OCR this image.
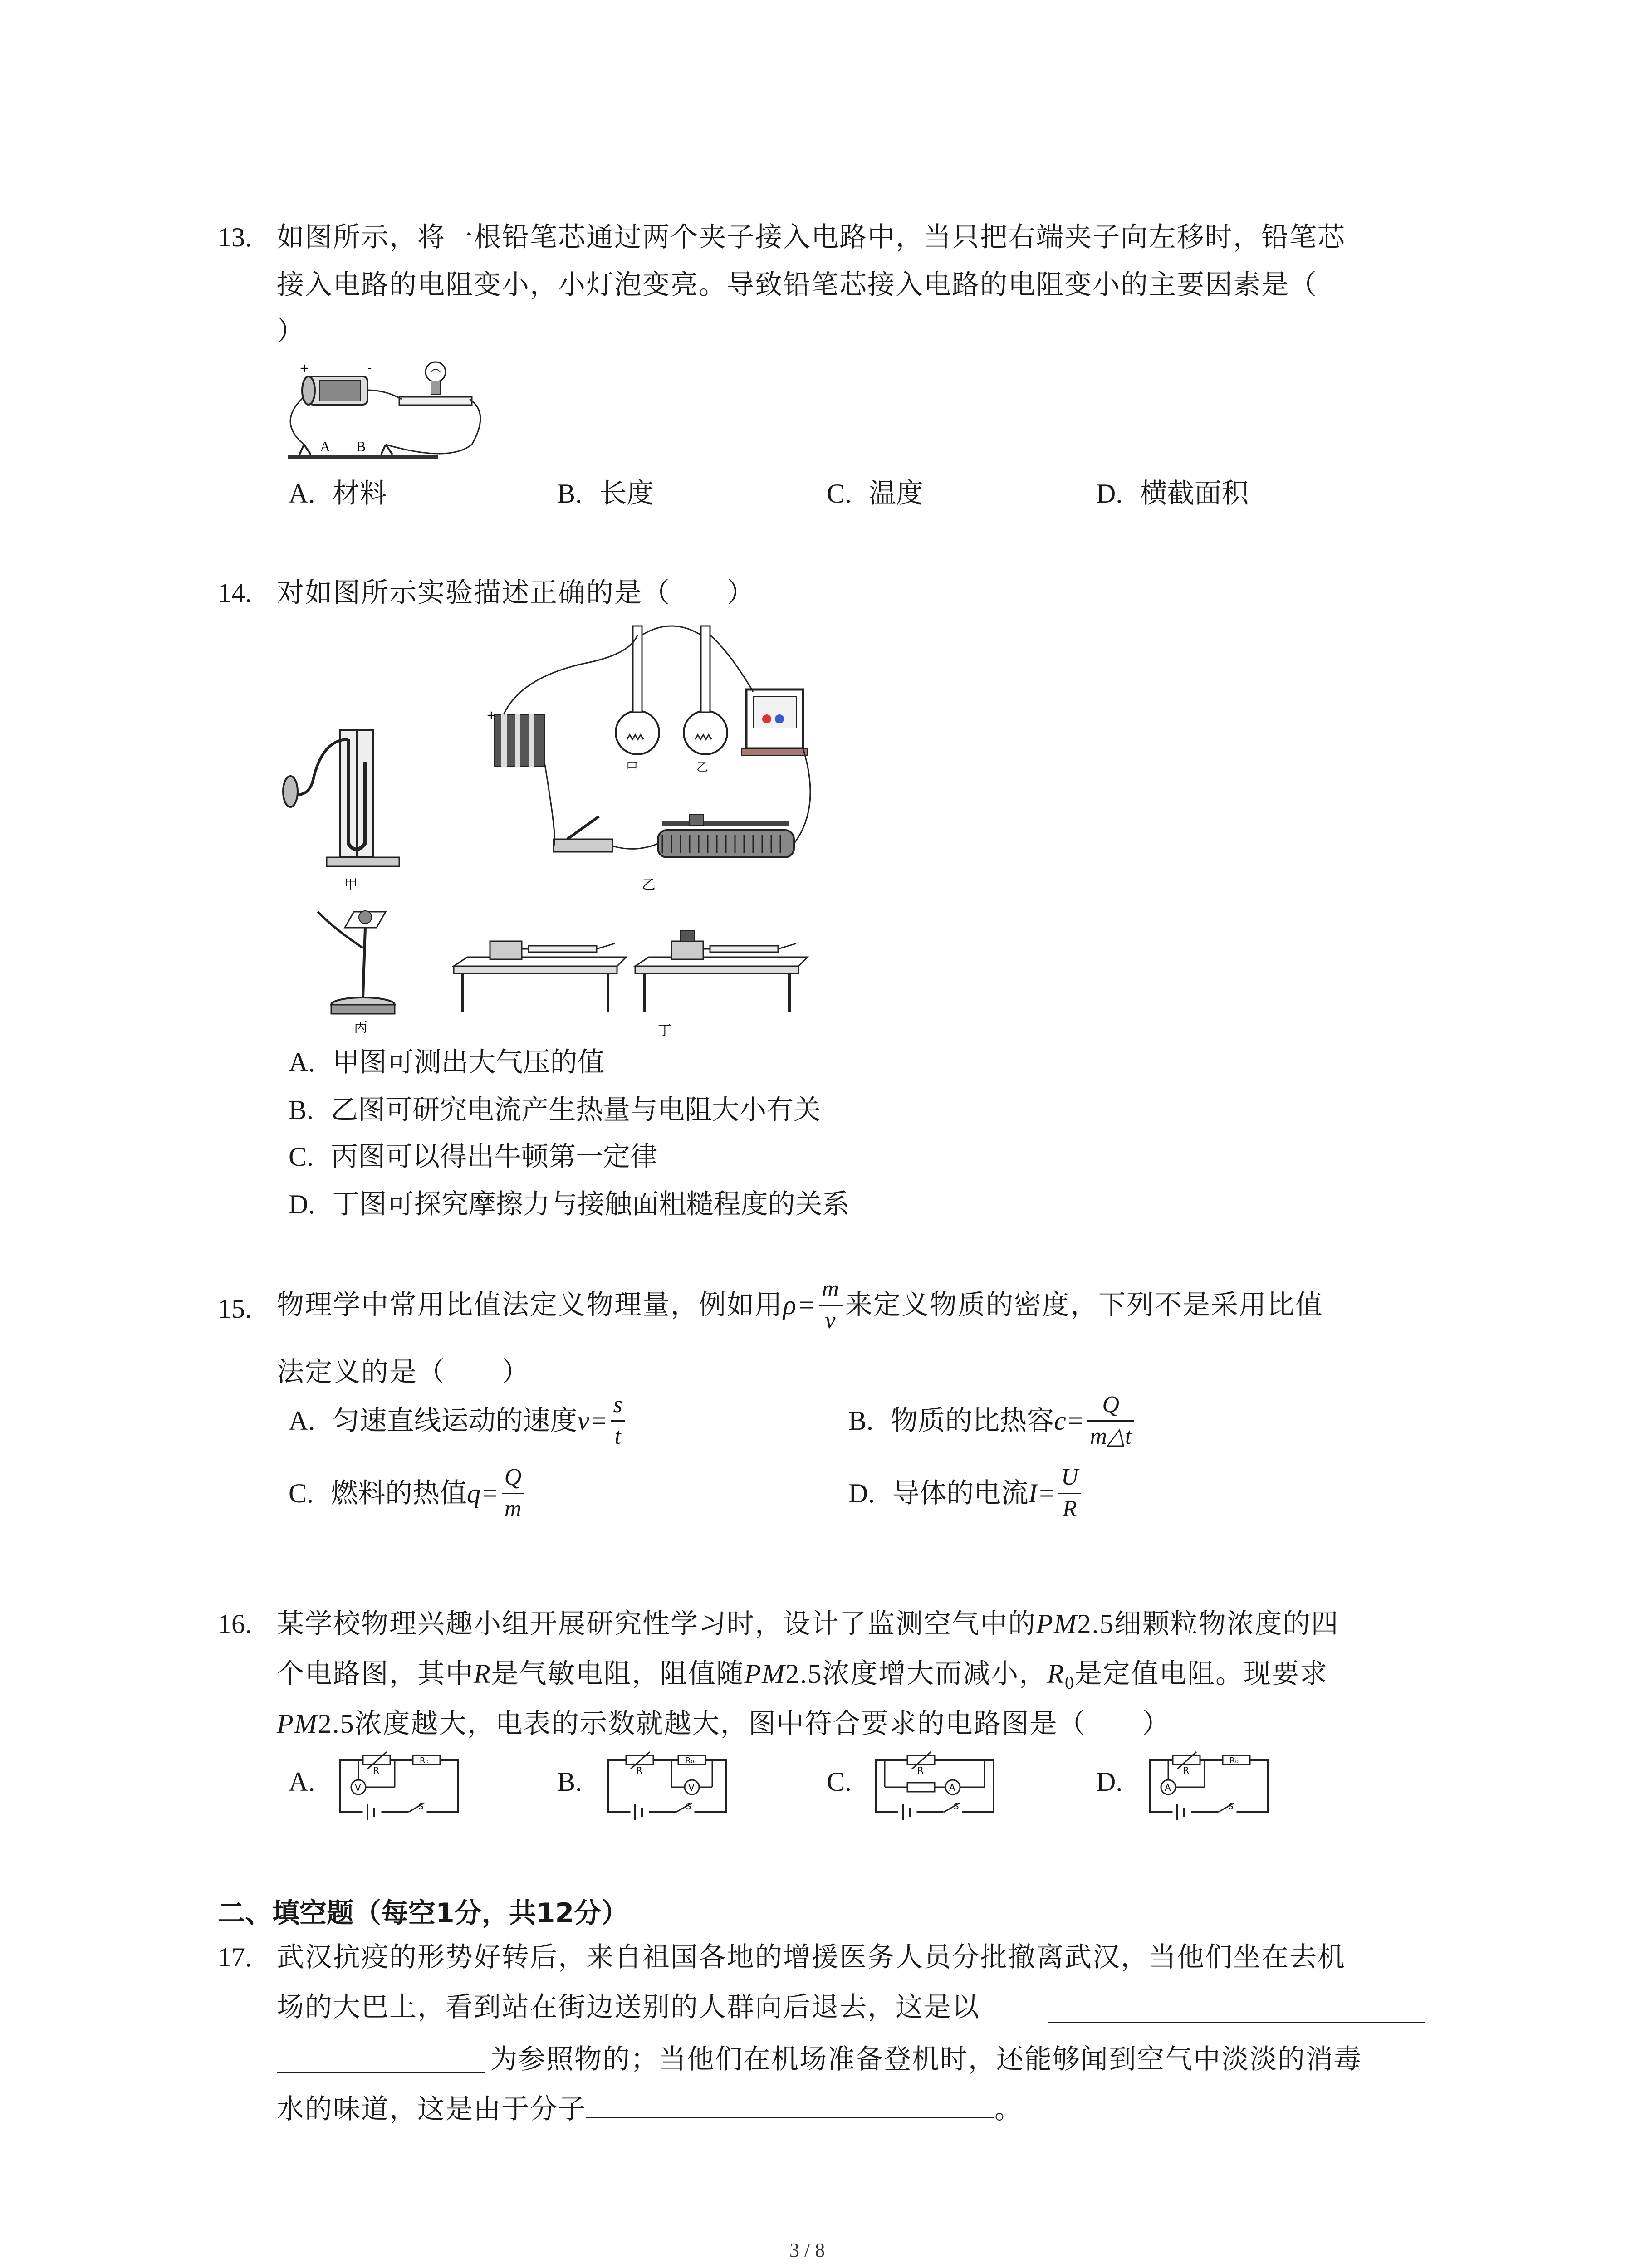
13. 如图所示，将一根铅笔芯通过两个夹子接入电路中，当只把右端夹子向左移时，铅笔芯
接入电路的电阻变小，小灯泡变亮。导致铅笔芯接入电路的电阻变小的主要因素是（
）
+	-
A B
A. 材料	B. 长度	C. 温度	D. 横截面积
14. 对如图所示实验描述正确的是（　　）
甲
+
甲	乙
乙
丙	丁
A. 甲图可测出大气压的值
B. 乙图可研究电流产生热量与电阻大小有关
C. 丙图可以得出牛顿第一定律
D. 丁图可探究摩擦力与接触面粗糙程度的关系
15. 物理学中常用比值法定义物理量，例如用 $\rho= \frac{m}{v}$ 来定义物质的密度，下列不是采用比值
法定义的是（　　）
A.
匀速直线运动的速度 $v= \frac{s}{t}$	B.
物质的比热容 $c= \frac{Q}{m\triangle t}$
C.
燃料的热值 $q= \frac{Q}{m}$	D.
导体的电流 $I= \frac{U}{R}$
16. 某学校物理兴趣小组开展研究性学习时，设计了监测空气中的PM2.5细颗粒物浓度的四
个电路图，其中R是气敏电阻，阻值随PM2.5浓度增大而减小，$R_0$是定值电阻。现要求
PM2.5浓度越大，电表的示数就越大，图中符合要求的电路图是（　　）
A.	R
R₀
V
S
B.	R
R₀
V
S
C.	R
A
S
D.	R
R₀
A
S
二、填空题（每空1分，共12分）
17. 武汉抗疫的形势好转后，来自祖国各地的增援医务人员分批撤离武汉，当他们坐在去机
场的大巴上，看到站在街边送别的人群向后退去，这是以
为参照物的；当他们在机场准备登机时，还能够闻到空气中淡淡的消毒
水的味道，这是由于分子	。
3 / 8
